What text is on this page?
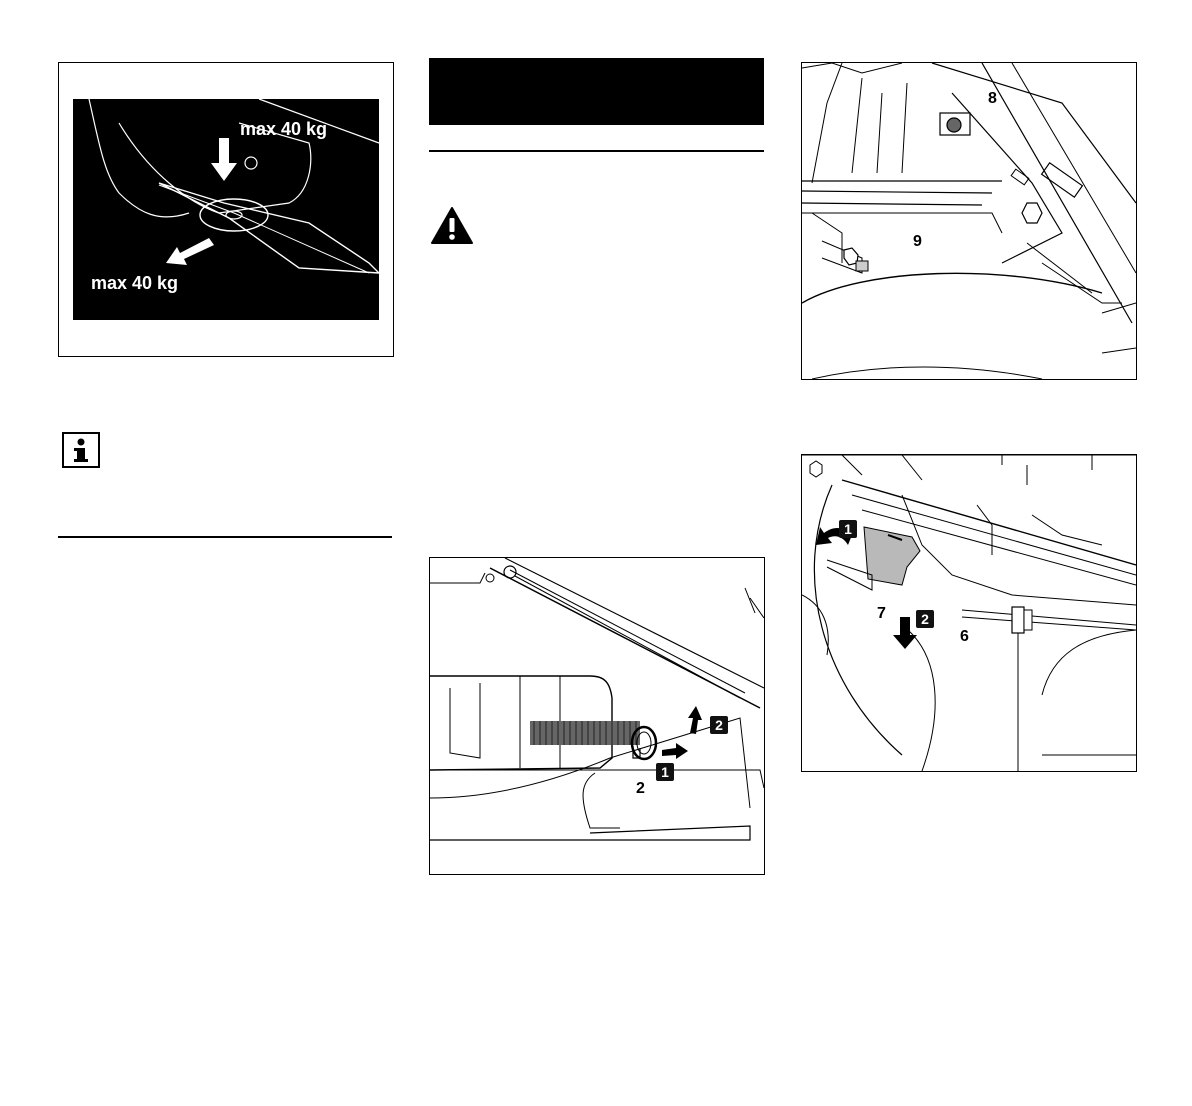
max 40 kg
max 40 kg
2
1
2
8
9
1
2
7
6
